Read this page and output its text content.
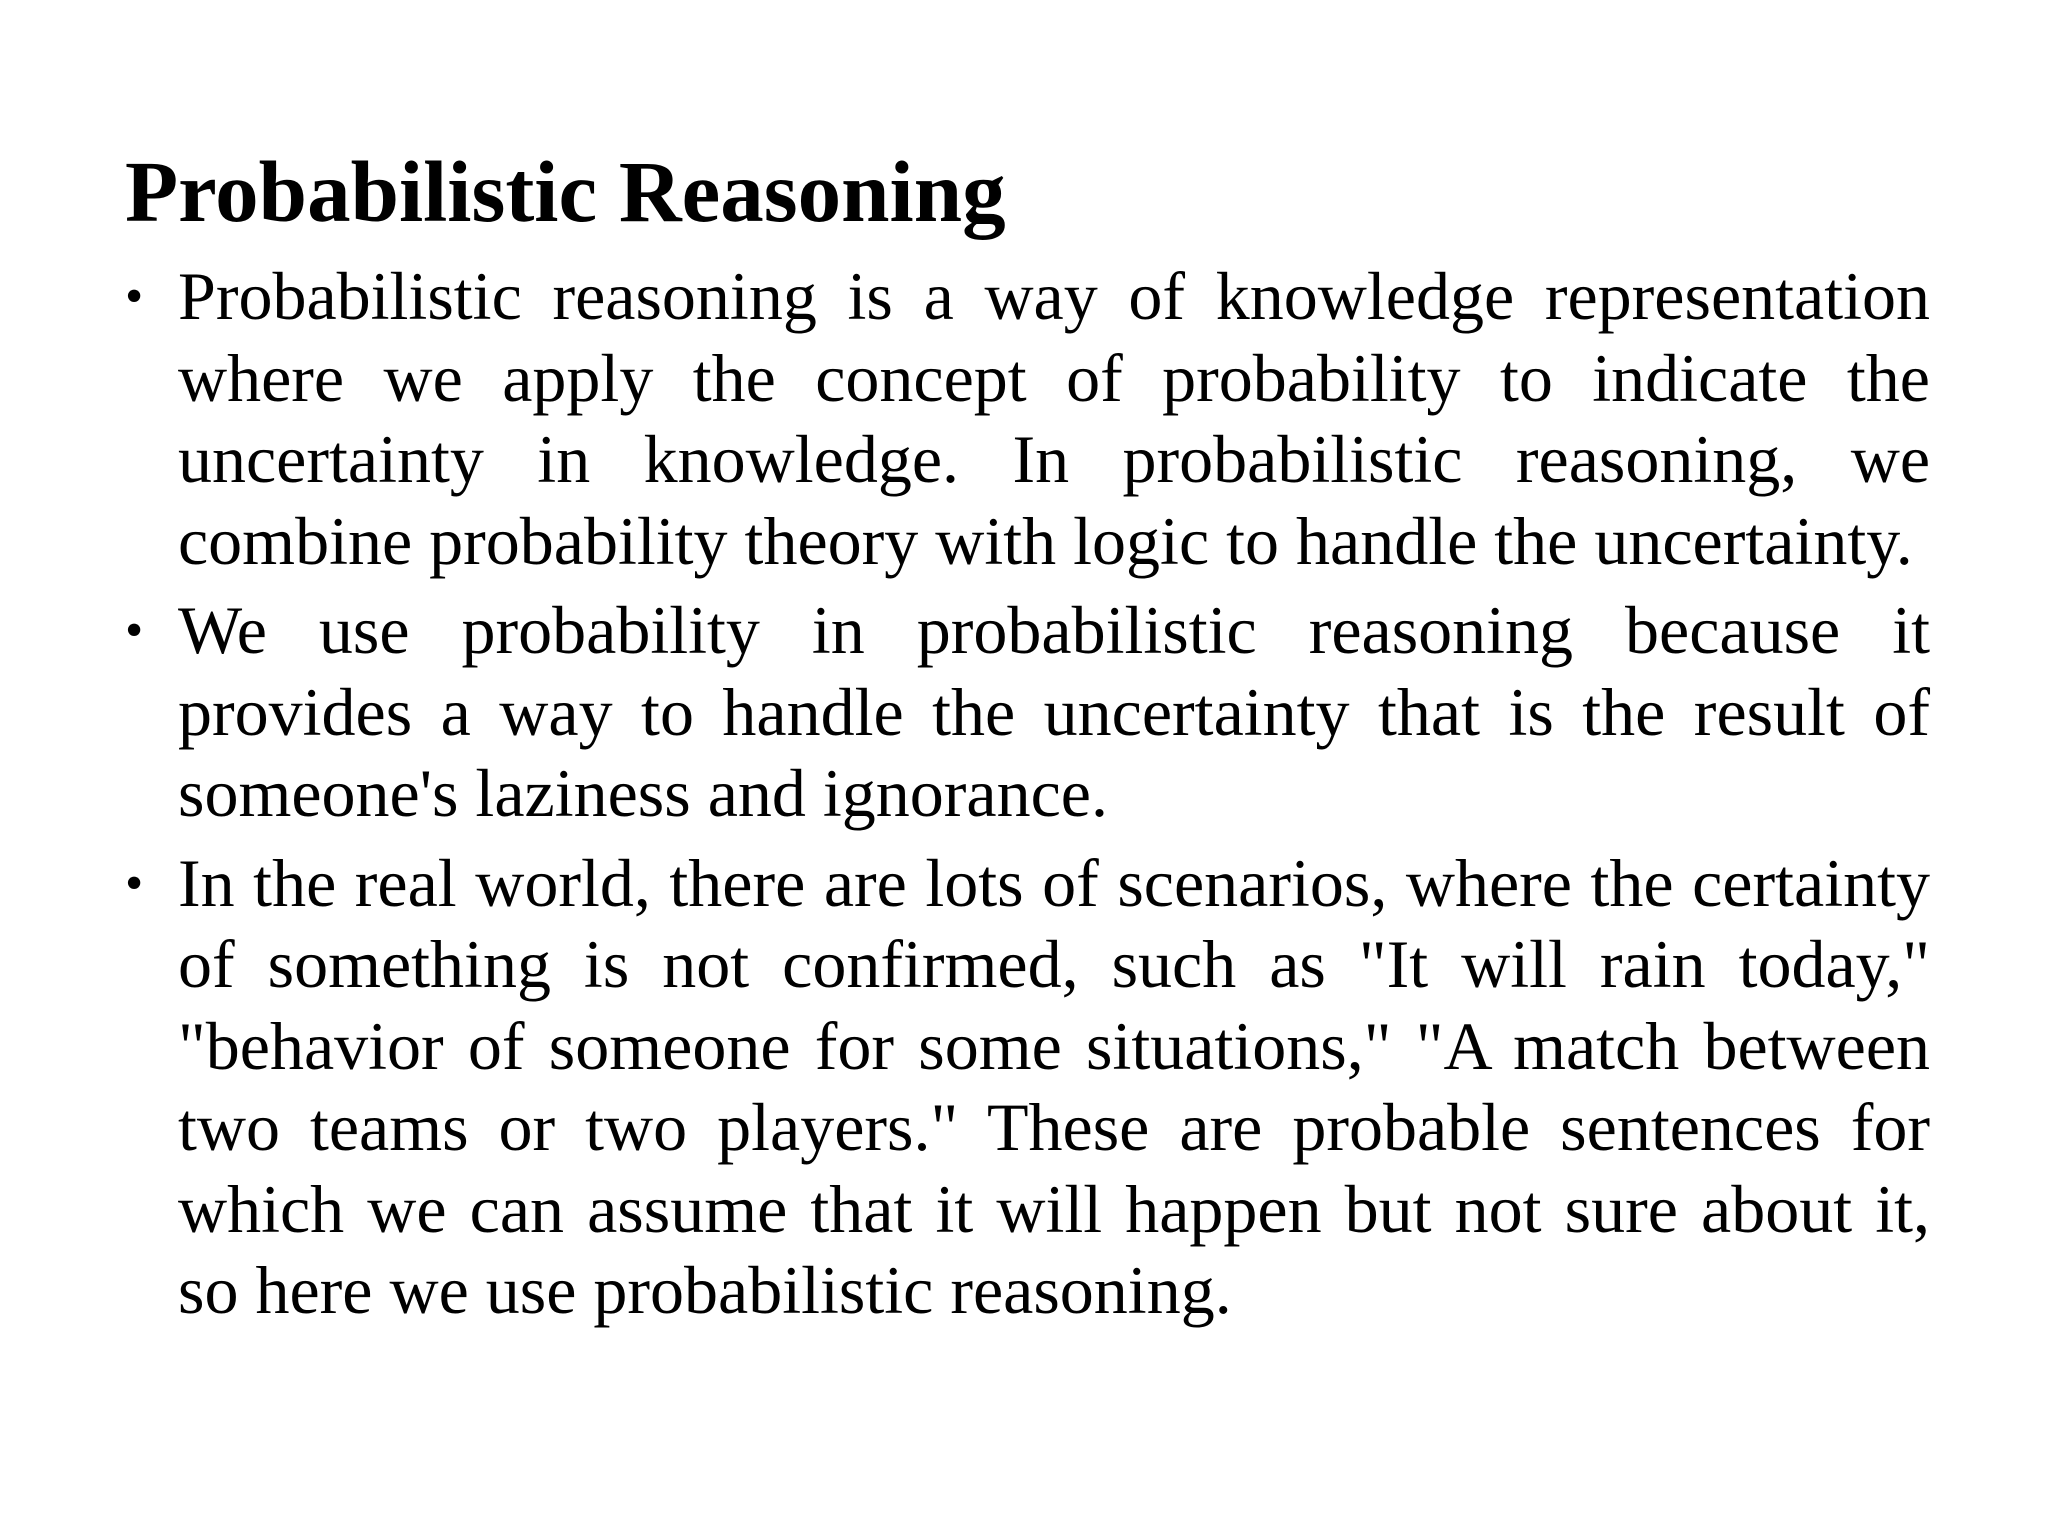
Probabilistic Reasoning
• Probabilistic reasoning is a way of knowledge representation where we apply the concept of probability to indicate the uncertainty in knowledge. In probabilistic reasoning, we combine probability theory with logic to handle the uncertainty.
• We use probability in probabilistic reasoning because it provides a way to handle the uncertainty that is the result of someone's laziness and ignorance.
• In the real world, there are lots of scenarios, where the certainty of something is not confirmed, such as "It will rain today," "behavior of someone for some situations," "A match between two teams or two players." These are probable sentences for which we can assume that it will happen but not sure about it, so here we use probabilistic reasoning.
